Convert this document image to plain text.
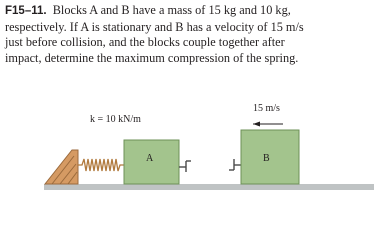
F15–11. Blocks A and B have a mass of 15 kg and 10 kg,
respectively. If A is stationary and B has a velocity of 15 m/s
just before collision, and the blocks couple together after
impact, determine the maximum compression of the spring.
k = 10 kN/m
15 m/s
A	B
